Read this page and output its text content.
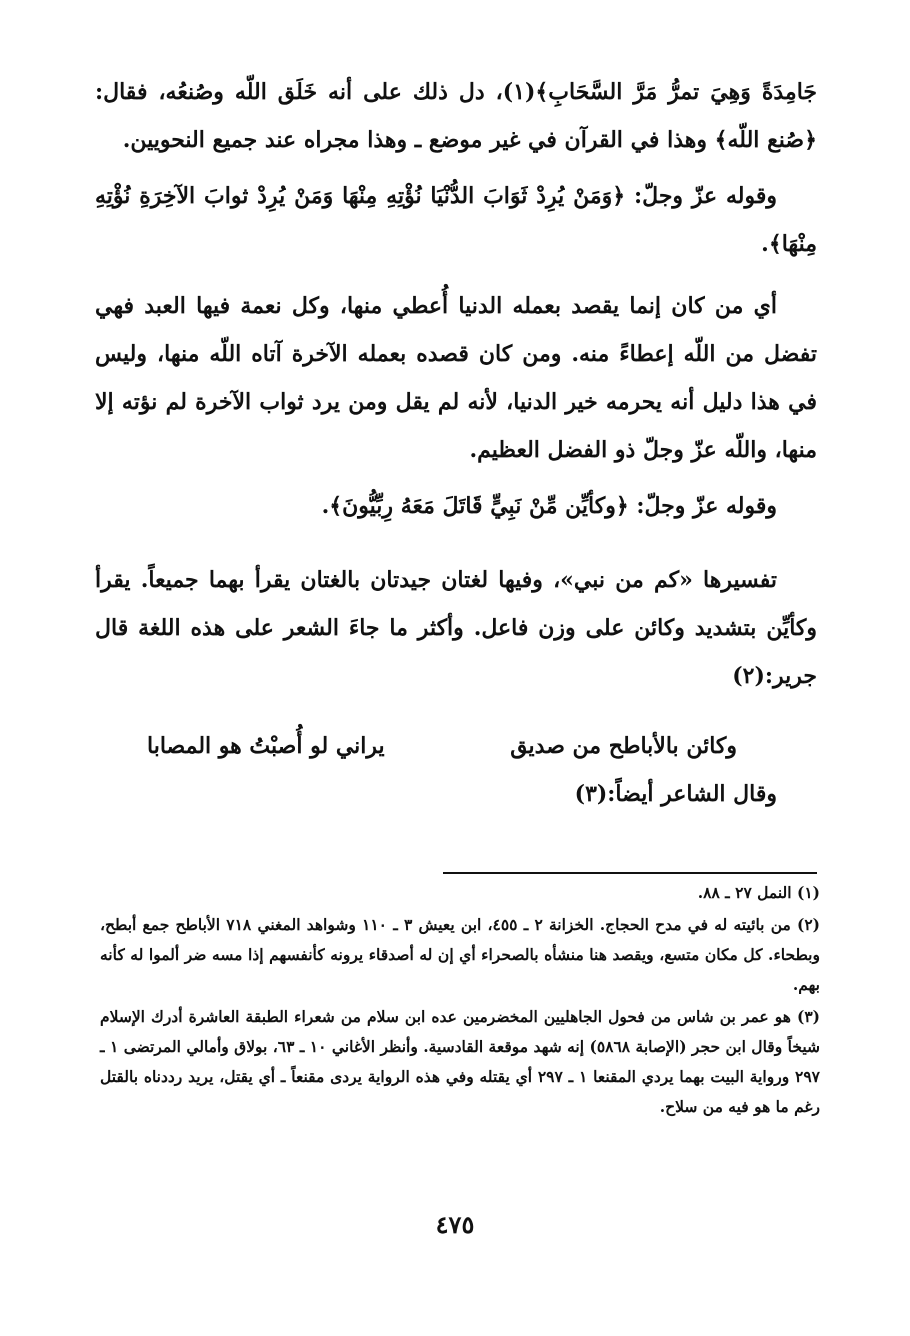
جَامِدَةً وَهِيَ تمرُّ مَرَّ السَّحَابِ﴾(١)، دل ذلك على أنه خَلَق اللّه وصُنعُه، فقال: ﴿صُنع اللّه﴾ وهذا في القرآن في غير موضع ـ وهذا مجراه عند جميع النحويين.

وقوله عزّ وجلّ: ﴿وَمَنْ يُرِدْ ثَوَابَ الدُّنْيَا نُؤْتِهِ مِنْهَا وَمَنْ يُرِدْ ثوابَ الآخِرَةِ نُؤْتِهِ مِنْهَا﴾.

أي من كان إنما يقصد بعمله الدنيا أُعطي منها، وكل نعمة فيها العبد فهي تفضل من اللّه إعطاءً منه. ومن كان قصده بعمله الآخرة آتاه اللّه منها، وليس في هذا دليل أنه يحرمه خير الدنيا، لأنه لم يقل ومن يرد ثواب الآخرة لم نؤته إلا منها، واللّه عزّ وجلّ ذو الفضل العظيم.

وقوله عزّ وجلّ: ﴿وكأيِّن مِّنْ نَبِيٍّ قَاتَلَ مَعَهُ رِبِّيُّونَ﴾.

تفسيرها «كم من نبي»، وفيها لغتان جيدتان بالغتان يقرأ بهما جميعاً. يقرأ وكأيِّن بتشديد وكائن على وزن فاعل. وأكثر ما جاءَ الشعر على هذه اللغة قال جرير:(٢)

وكائن بالأباطح من صديق
يراني لو أُصبْتُ هو المصابا

وقال الشاعر أيضاً:(٣)

(١) النمل ٢٧ ـ ٨٨.

(٢) من بائيته له في مدح الحجاج. الخزانة ٢ ـ ٤٥٥، ابن يعيش ٣ ـ ١١٠ وشواهد المغني ٧١٨ الأباطح جمع أبطح، وبطحاء. كل مكان متسع، ويقصد هنا منشأه بالصحراء أي إن له أصدقاء يرونه كأنفسهم إذا مسه ضر ألموا له كأنه بهم.

(٣) هو عمر بن شاس من فحول الجاهليين المخضرمين عده ابن سلام من شعراء الطبقة العاشرة أدرك الإسلام شيخاً وقال ابن حجر (الإصابة ٥٨٦٨) إنه شهد موقعة القادسية. وأنظر الأغاني ١٠ ـ ٦٣، بولاق وأمالي المرتضى ١ ـ ٢٩٧ ورواية البيت بهما يردي المقنعا ١ ـ ٢٩٧ أي يقتله وفي هذه الرواية يردى مقنعاً ـ أي يقتل، يريد رددناه بالقتل رغم ما هو فيه من سلاح.

٤٧٥
